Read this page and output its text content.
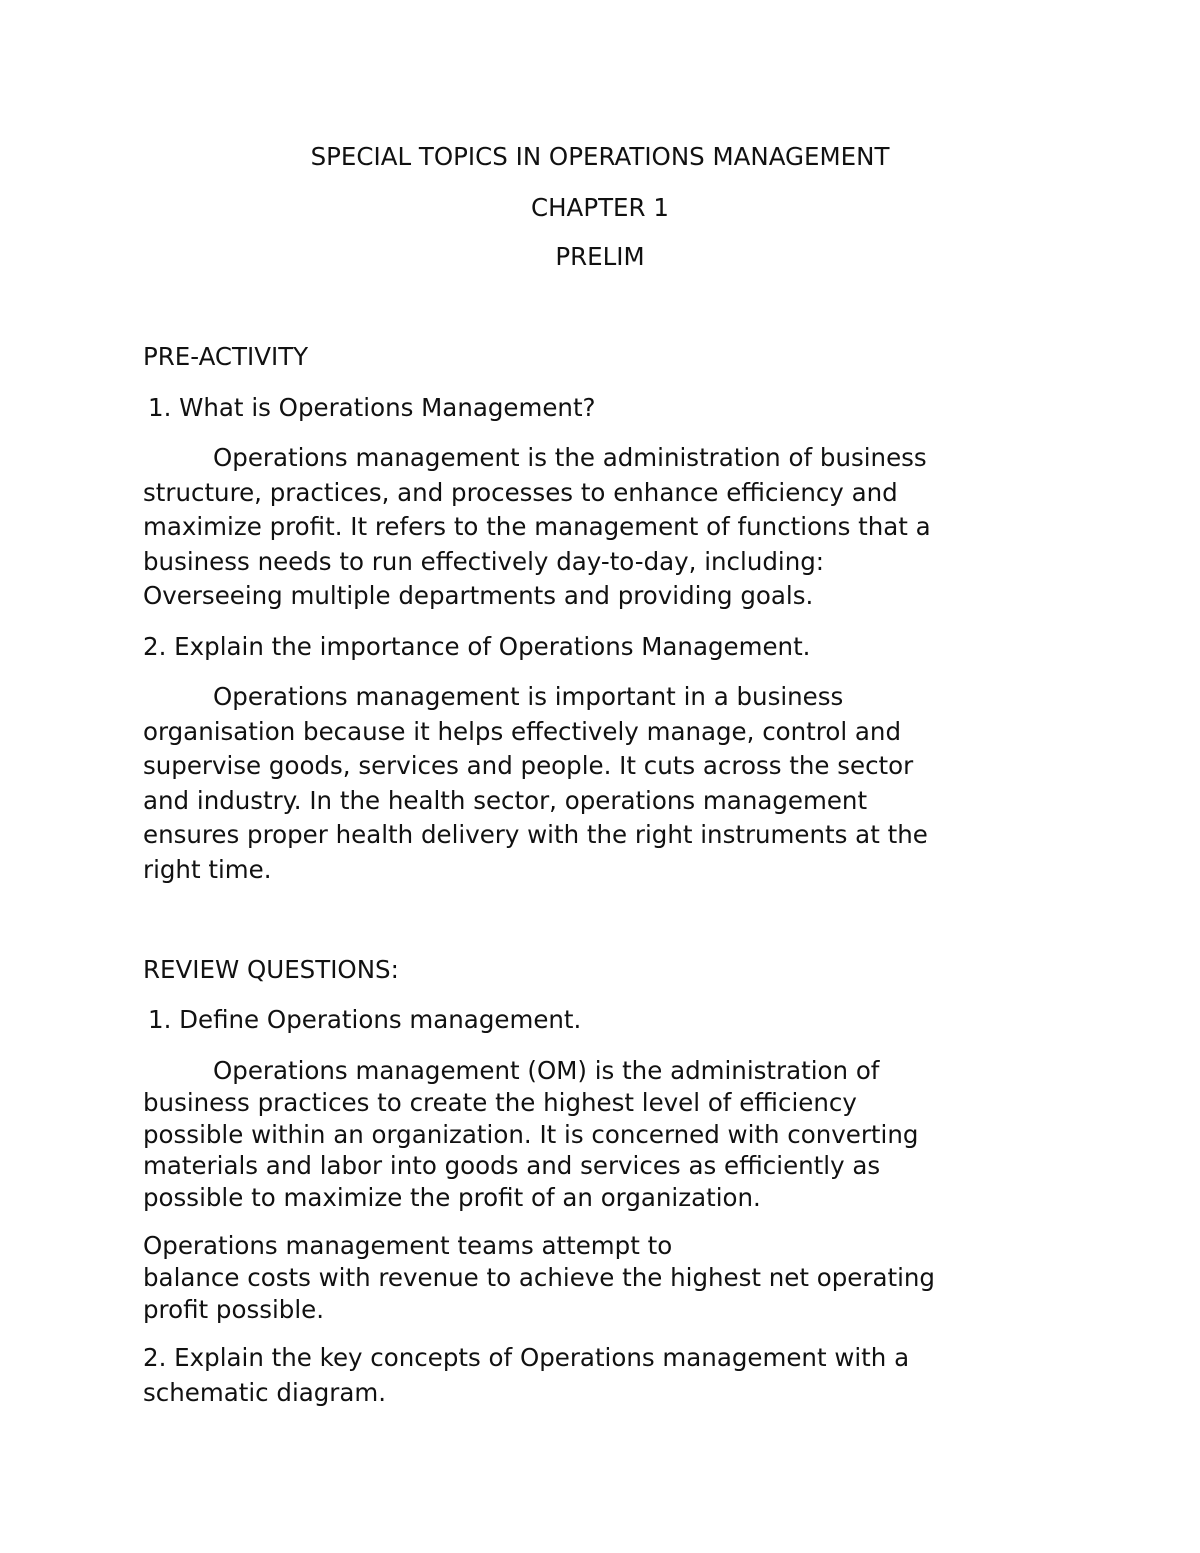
SPECIAL TOPICS IN OPERATIONS MANAGEMENT

CHAPTER 1

PRELIM

PRE-ACTIVITY

1. What is Operations Management?

Operations management is the administration of business
structure, practices, and processes to enhance efficiency and
maximize profit. It refers to the management of functions that a
business needs to run effectively day-to-day, including:
Overseeing multiple departments and providing goals.

2. Explain the importance of Operations Management.

Operations management is important in a business
organisation because it helps effectively manage, control and
supervise goods, services and people. It cuts across the sector
and industry. In the health sector, operations management
ensures proper health delivery with the right instruments at the
right time.

REVIEW QUESTIONS:

1. Define Operations management.

Operations management (OM) is the administration of
business practices to create the highest level of efficiency
possible within an organization. It is concerned with converting
materials and labor into goods and services as efficiently as
possible to maximize the profit of an organization.
Operations management teams attempt to
balance costs with revenue to achieve the highest net operating
profit possible.
2. Explain the key concepts of Operations management with a
schematic diagram.
